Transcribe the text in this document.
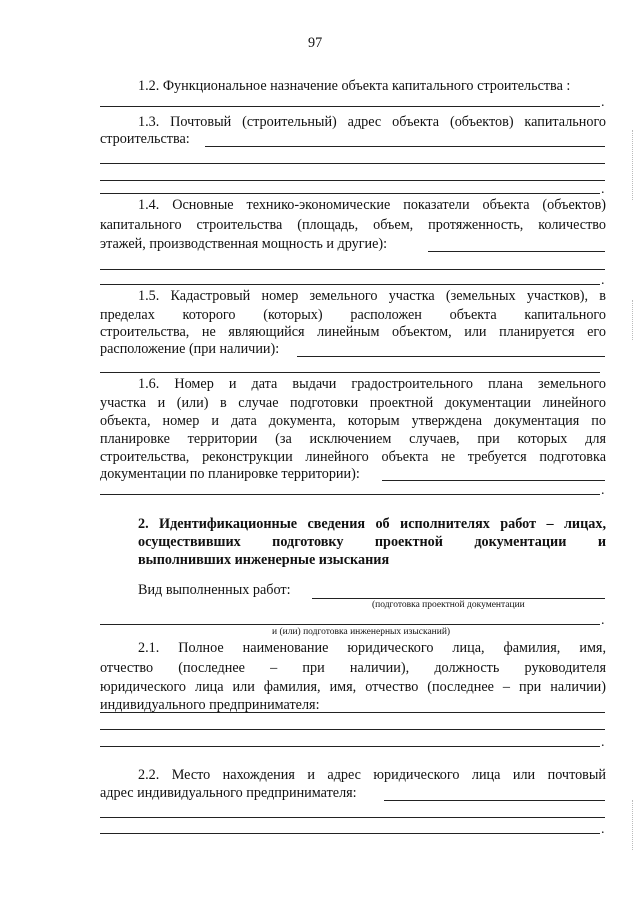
97
1.2. Функциональное назначение объекта капитального строительства :
.
1.3. Почтовый (строительный) адрес объекта (объектов) капитального
строительства:
.
1.4. Основные технико-экономические показатели объекта (объектов)
капитального строительства (площадь, объем, протяженность, количество
этажей, производственная мощность и другие):
.
1.5. Кадастровый номер земельного участка (земельных участков), в
пределах которого (которых) расположен объекта капитального
строительства, не являющийся линейным объектом, или планируется его
расположение (при наличии):
1.6. Номер и дата выдачи градостроительного плана земельного
участка и (или) в случае подготовки проектной документации линейного
объекта, номер и дата документа, которым утверждена документация по
планировке территории (за исключением случаев, при которых для
строительства, реконструкции линейного объекта не требуется подготовка
документации по планировке территории):
.
2. Идентификационные сведения об исполнителях работ – лицах,
осуществивших подготовку проектной документации и
выполнивших инженерные изыскания
Вид выполненных работ:
(подготовка проектной документации
.
и (или) подготовка инженерных изысканий)
2.1. Полное наименование юридического лица, фамилия, имя,
отчество (последнее – при наличии), должность руководителя
юридического лица или фамилия, имя, отчество (последнее – при наличии)
индивидуального предпринимателя:
.
2.2. Место нахождения и адрес юридического лица или почтовый
адрес индивидуального предпринимателя:
.
